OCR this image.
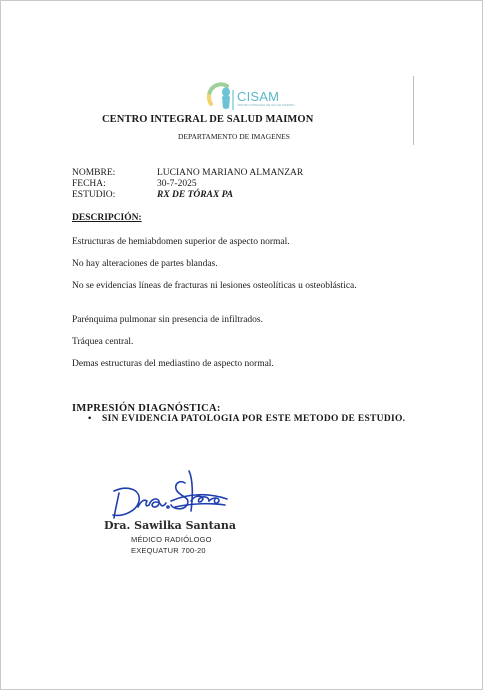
CISAM
CENTRO INTEGRAL DE SALUD MAIMON
CENTRO INTEGRAL DE SALUD MAIMON
DEPARTAMENTO DE IMAGENES
NOMBRE:	LUCIANO MARIANO ALMANZAR
FECHA:	30-7-2025
ESTUDIO:	RX DE TÓRAX PA
DESCRIPCIÓN:
Estructuras de hemiabdomen superior de aspecto normal.
No hay alteraciones de partes blandas.
No se evidencias líneas de fracturas ni lesiones osteolíticas u osteoblástica.
Parénquima pulmonar sin presencia de infiltrados.
Tráquea central.
Demas estructuras del mediastino de aspecto normal.
IMPRESIÓN DIAGNÓSTICA:
• SIN EVIDENCIA PATOLOGIA POR ESTE METODO DE ESTUDIO.
Dra. Sawilka Santana
MÉDICO RADIÓLOGO
EXEQUATUR 700-20
